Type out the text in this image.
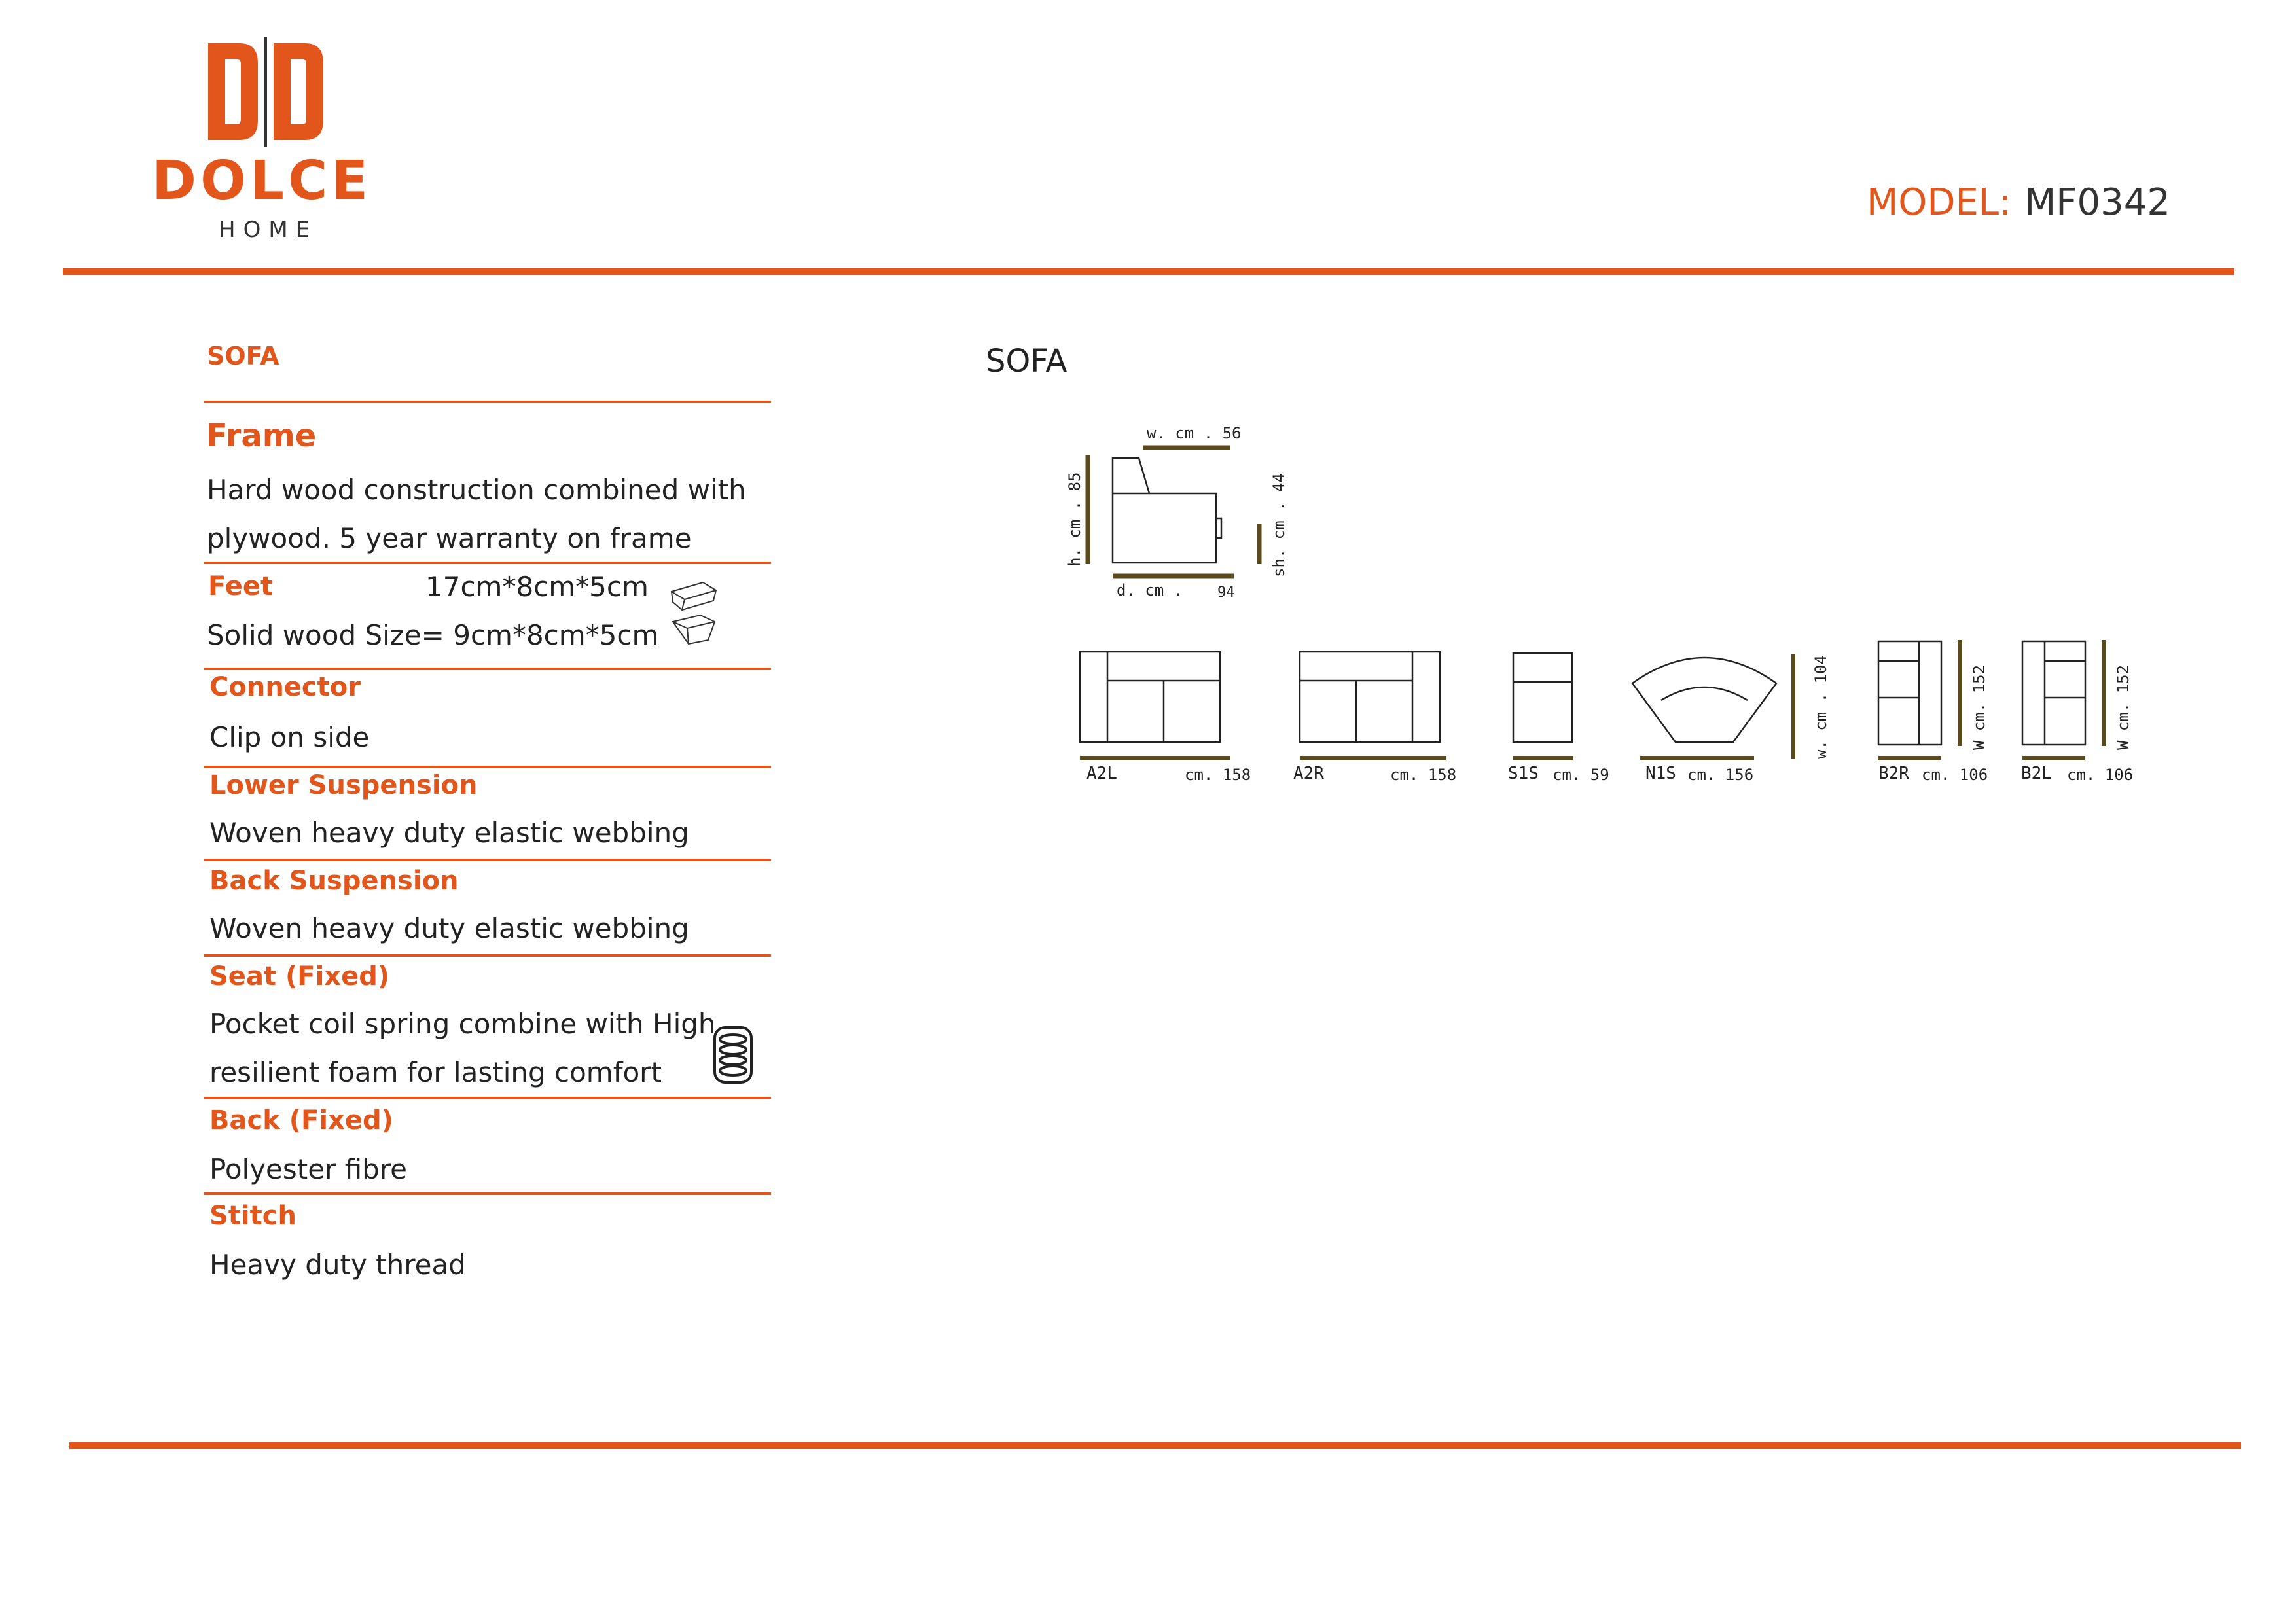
DOLCE
HOME
MODEL: MF0342
SOFA
Frame
Hard wood construction combined with
plywood. 5 year warranty on frame
Feet	17cm*8cm*5cm
Solid wood Size= 9cm*8cm*5cm
Connector
Clip on side
Lower Suspension
Woven heavy duty elastic webbing
Back Suspension
Woven heavy duty elastic webbing
Seat (Fixed)
Pocket coil spring combine with High
resilient foam for lasting comfort
Back (Fixed)
Polyester fibre
Stitch
Heavy duty thread
SOFA
w. cm . 56
h. cm . 85	sh. cm . 44
d. cm . 94
A2L	cm. 158 A2R	cm. 158	S1S cm. 59 N1S cm. 156	B2R cm. 106 B2L cm. 106
w. cm . 104	W cm. 152	W cm. 152
